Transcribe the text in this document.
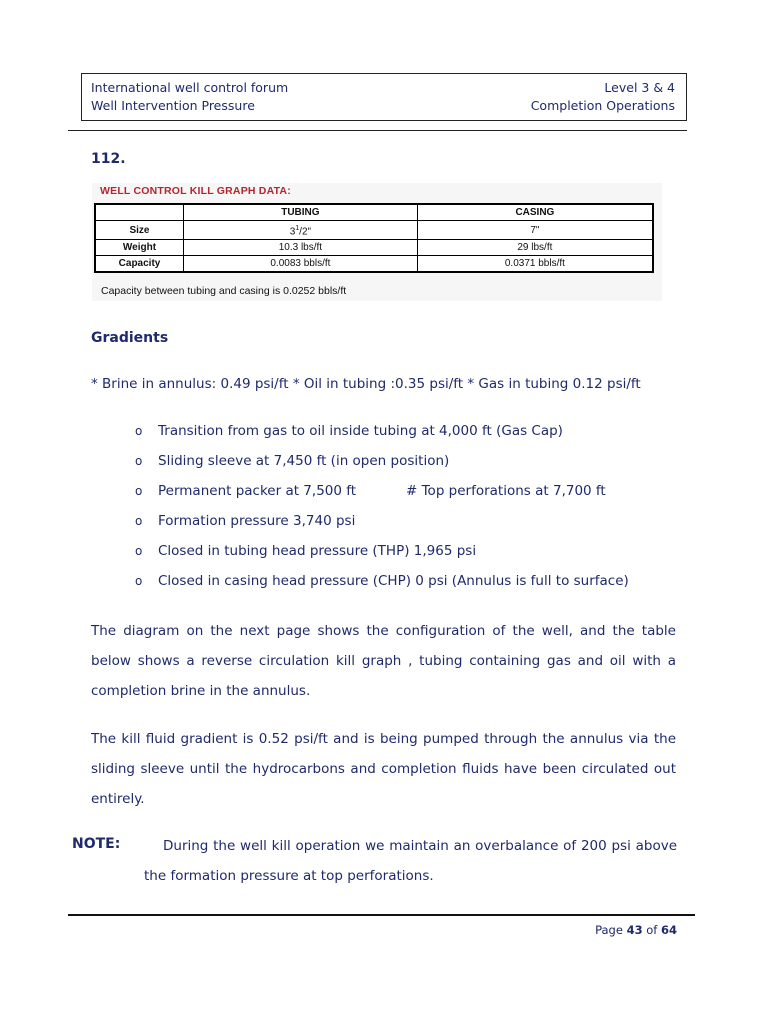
International well control forum
Well Intervention Pressure
Level 3 & 4
Completion Operations
112.
WELL CONTROL KILL GRAPH DATA:
	TUBING	CASING
Size	$3^1/2$"	7"
Weight	10.3 lbs/ft	29 lbs/ft
Capacity	0.0083 bbls/ft	0.0371 bbls/ft
Capacity between tubing and casing is 0.0252 bbls/ft
Gradients
* Brine in annulus: 0.49 psi/ft * Oil in tubing :0.35 psi/ft * Gas in tubing 0.12 psi/ft
o Transition from gas to oil inside tubing at 4,000 ft (Gas Cap)
o Sliding sleeve at 7,450 ft (in open position)
o Permanent packer at 7,500 ft	# Top perforations at 7,700 ft
o Formation pressure 3,740 psi
o Closed in tubing head pressure (THP) 1,965 psi
o Closed in casing head pressure (CHP) 0 psi (Annulus is full to surface)
The diagram on the next page shows the configuration of the well, and the table below shows a reverse circulation kill graph , tubing containing gas and oil with a completion brine in the annulus.
The kill fluid gradient is 0.52 psi/ft and is being pumped through the annulus via the sliding sleeve until the hydrocarbons and completion fluids have been circulated out entirely.
NOTE:	During the well kill operation we maintain an overbalance of 200 psi above the formation pressure at top perforations.
Page 43 of 64
